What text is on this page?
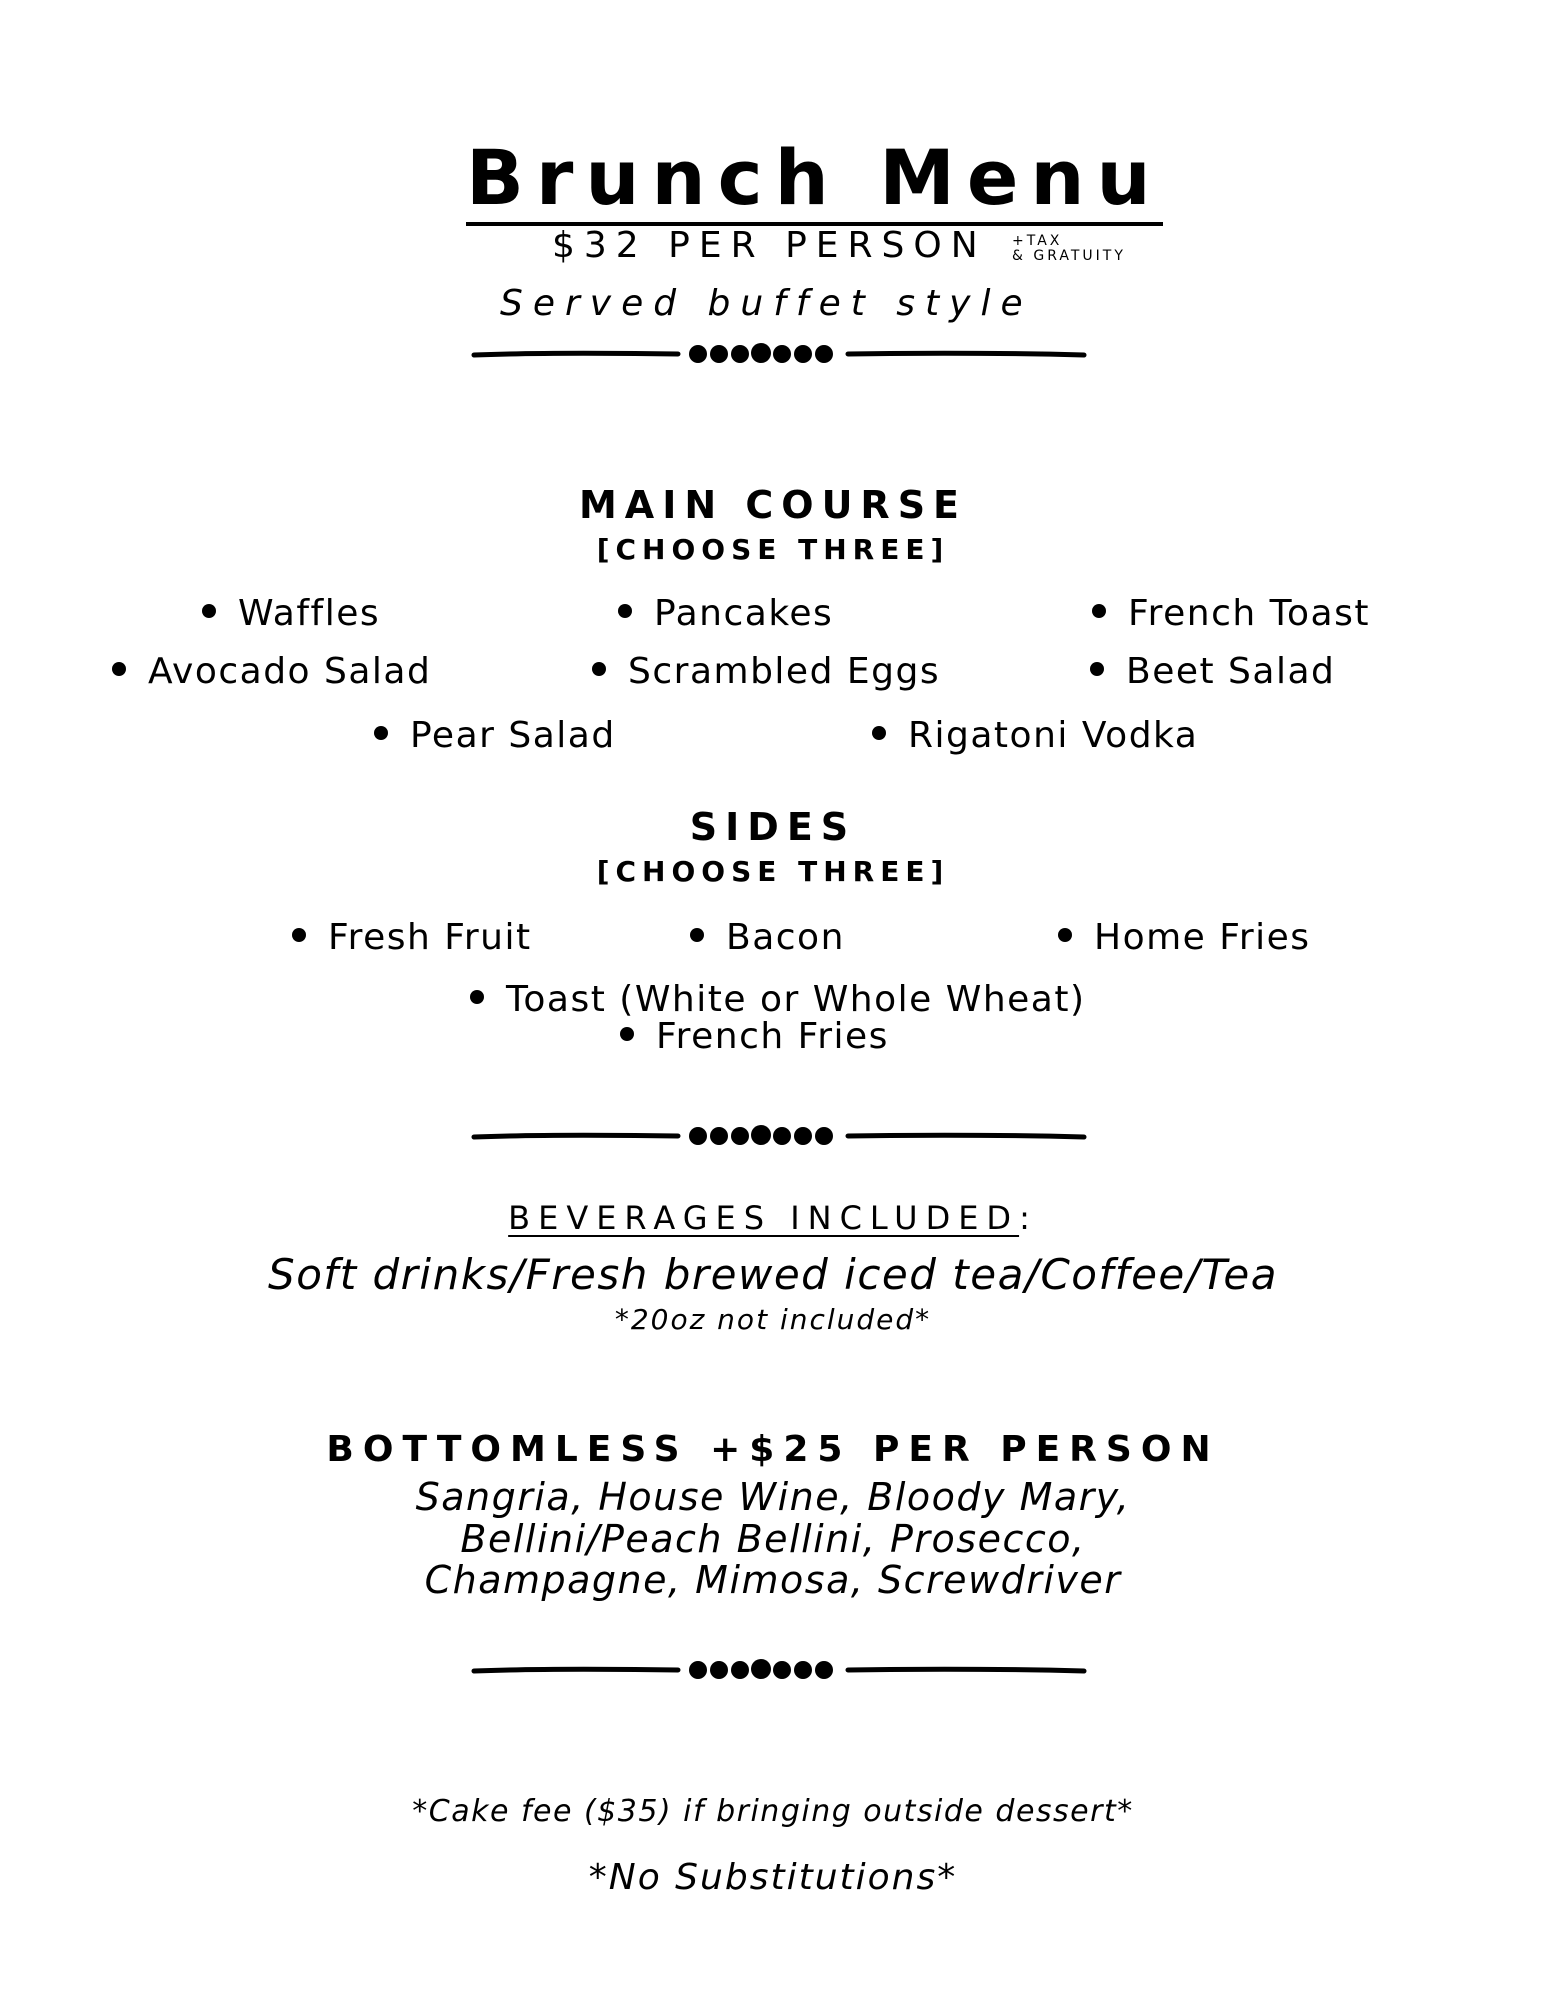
Brunch Menu
$32 PER PERSON +TAX
& GRATUITY
Served buffet style
MAIN COURSE
[CHOOSE THREE]
Waffles	Pancakes	French Toast
Avocado Salad	Scrambled Eggs	Beet Salad
Pear Salad	Rigatoni Vodka
SIDES
[CHOOSE THREE]
Fresh Fruit	Bacon	Home Fries
Toast (White or Whole Wheat)
French Fries
BEVERAGES INCLUDED:
Soft drinks/Fresh brewed iced tea/Coffee/Tea
*20oz not included*
BOTTOMLESS +$25 PER PERSON
Sangria, House Wine, Bloody Mary,
Bellini/Peach Bellini, Prosecco,
Champagne, Mimosa, Screwdriver
*Cake fee ($35) if bringing outside dessert*
*No Substitutions*
